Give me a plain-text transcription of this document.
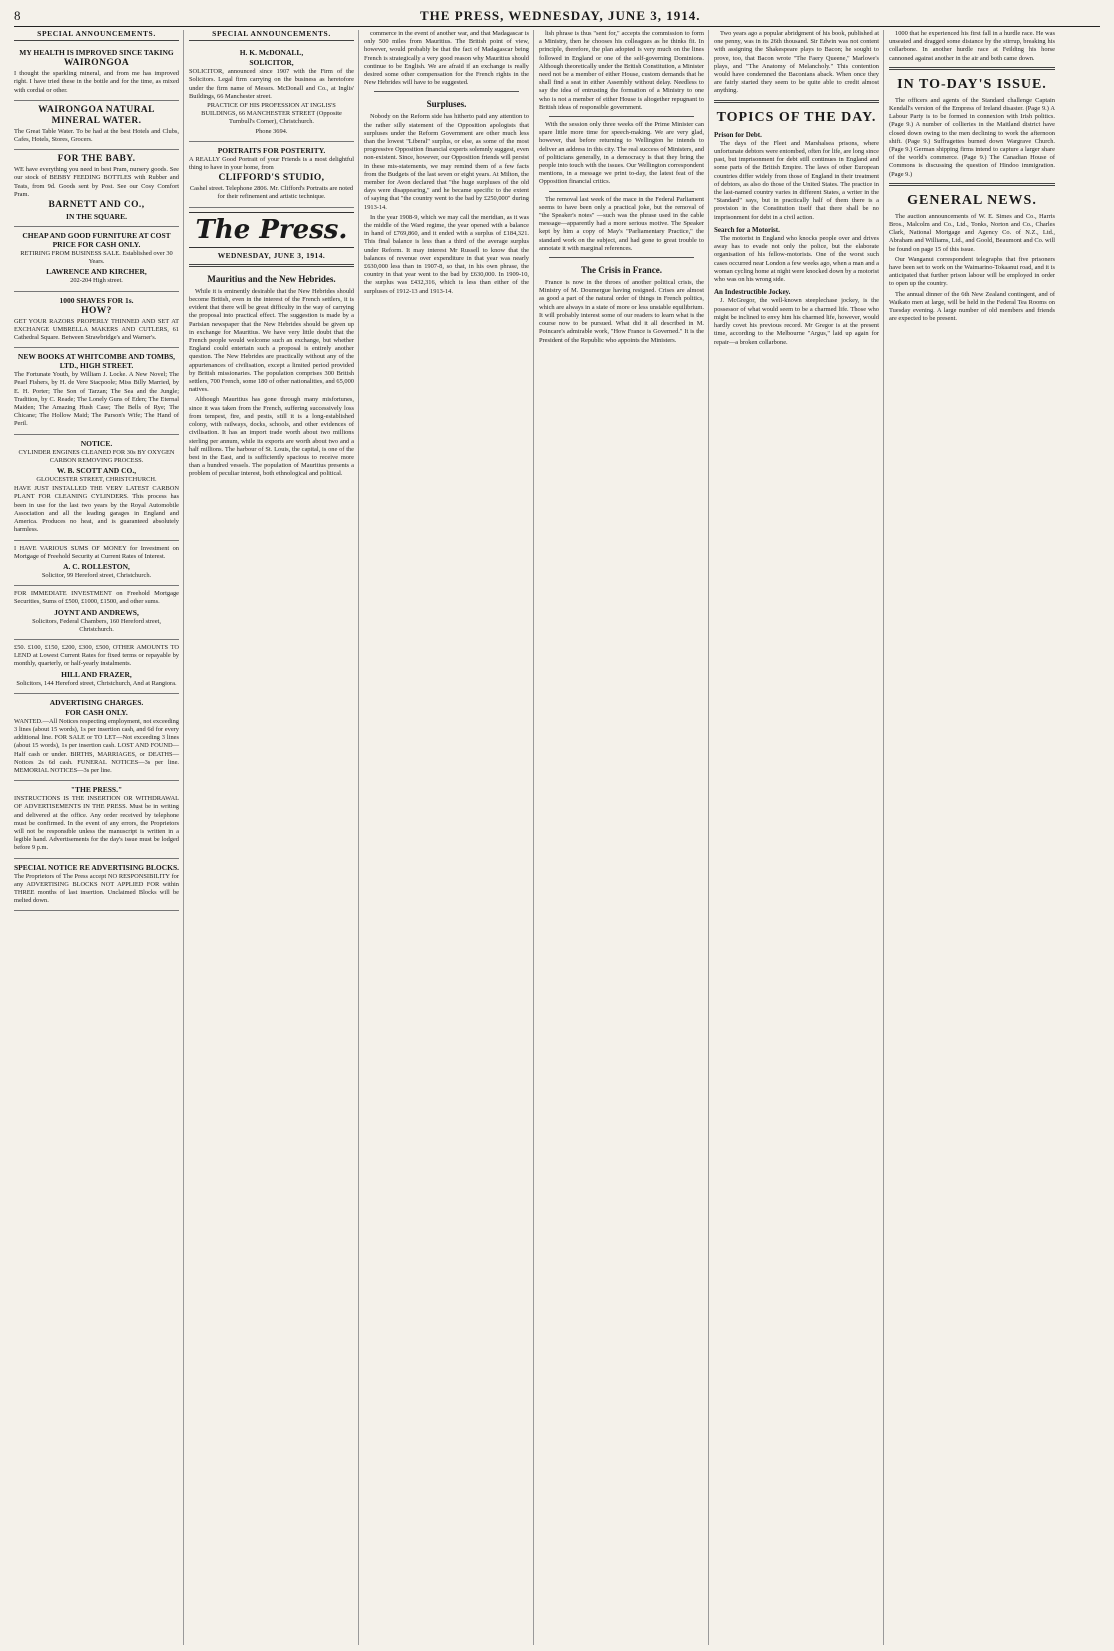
8	THE PRESS, WEDNESDAY, JUNE 3, 1914.
SPECIAL ANNOUNCEMENTS.

MY HEALTH IS IMPROVED SINCE TAKING

WAIRONGOA

I thought the sparkling mineral, and from me has improved right. I have tried these in the bottle and for the time, as mixed with cordial or other.

WAIRONGOA NATURAL MINERAL WATER.

The Great Table Water. To be had at the best Hotels and Clubs, Cafes, Hotels, Stores, Grocers.

FOR THE BABY.

WE have everything you need in best Pram, nursery goods. See our stock of BEBBY FEEDING BOTTLES with Rubber and Teats, from 9d. Goods sent by Post. See our Cosy Comfort Pram.

BARNETT AND CO.,

IN THE SQUARE.

CHEAP AND GOOD FURNITURE AT COST PRICE FOR CASH ONLY.

RETIRING FROM BUSINESS SALE. Established over 30 Years.

LAWRENCE AND KIRCHER,

202-204 High street.

1000 SHAVES FOR 1s.

HOW?

GET YOUR RAZORS PROPERLY THINNED AND SET AT EXCHANGE UMBRELLA MAKERS AND CUTLERS, 61 Cathedral Square. Between Strawbridge's and Warner's.

NEW BOOKS AT WHITCOMBE AND TOMBS, LTD., HIGH STREET.

The Fortunate Youth, by William J. Locke. A New Novel; The Pearl Fishers, by H. de Vere Stacpoole; Miss Billy Married, by E. H. Porter; The Son of Tarzan; The Sea and the Jungle; Tradition, by C. Reade; The Lonely Guns of Eden; The Eternal Maiden; The Amazing Hush Case; The Bells of Rye; The Chicane; The Hollow Maid; The Parson's Wife; The Hand of Peril.

NOTICE.

CYLINDER ENGINES CLEANED FOR 30s BY OXYGEN CARBON REMOVING PROCESS.

W. B. SCOTT AND CO.,

GLOUCESTER STREET, CHRISTCHURCH.

HAVE JUST INSTALLED THE VERY LATEST CARBON PLANT FOR CLEANING CYLINDERS. This process has been in use for the last two years by the Royal Automobile Association and all the leading garages in England and America. Produces no heat, and is guaranteed absolutely harmless.

I HAVE VARIOUS SUMS OF MONEY for Investment on Mortgage of Freehold Security at Current Rates of Interest.

A. C. ROLLESTON,

Solicitor, 99 Hereford street, Christchurch.

FOR IMMEDIATE INVESTMENT on Freehold Mortgage Securities, Sums of £500, £1000, £1500, and other sums.

JOYNT AND ANDREWS,

Solicitors, Federal Chambers, 160 Hereford street, Christchurch.

£50. £100, £150, £200, £300, £500, OTHER AMOUNTS TO LEND at Lowest Current Rates for fixed terms or repayable by monthly, quarterly, or half-yearly instalments.

HILL AND FRAZER,

Solicitors, 144 Hereford street, Christchurch, And at Rangiora.

ADVERTISING CHARGES.

FOR CASH ONLY.

WANTED.—All Notices respecting employment, not exceeding 3 lines (about 15 words), 1s per insertion cash, and 6d for every additional line. FOR SALE or TO LET—Not exceeding 3 lines (about 15 words), 1s per insertion cash. LOST AND FOUND—Half cash or under. BIRTHS, MARRIAGES, or DEATHS—Notices 2s 6d cash. FUNERAL NOTICES—3s per line. MEMORIAL NOTICES—3s per line.

"THE PRESS."

INSTRUCTIONS IS THE INSERTION OR WITHDRAWAL OF ADVERTISEMENTS IN THE PRESS. Must be in writing and delivered at the office. Any order received by telephone must be confirmed. In the event of any errors, the Proprietors will not be responsible unless the manuscript is written in a legible hand. Advertisements for the day's issue must be lodged before 9 p.m.

SPECIAL NOTICE RE ADVERTISING BLOCKS.

The Proprietors of The Press accept NO RESPONSIBILITY for any ADVERTISING BLOCKS NOT APPLIED FOR within THREE months of last insertion. Unclaimed Blocks will be melted down.

SPECIAL ANNOUNCEMENTS.

H. K. McDONALL,

SOLICITOR,

SOLICITOR, announced since 1907 with the Firm of the Solicitors. Legal firm carrying on the business as heretofore under the firm name of Messrs. McDonall and Co., at Inglis' Buildings, 66 Manchester street.

PRACTICE OF HIS PROFESSION AT INGLIS'S BUILDINGS, 66 MANCHESTER STREET (Opposite Turnbull's Corner), Christchurch.

Phone 3694.

PORTRAITS FOR POSTERITY.

A REALLY Good Portrait of your Friends is a most delightful thing to have in your home, from

CLIFFORD'S STUDIO,

Cashel street. Telephone 2806. Mr. Clifford's Portraits are noted for their refinement and artistic technique.

The Press.
WEDNESDAY, JUNE 3, 1914.
Mauritius and the New Hebrides.

While it is eminently desirable that the New Hebrides should become British, even in the interest of the French settlers, it is evident that there will be great difficulty in the way of carrying the proposal into practical effect. The suggestion is made by a Parisian newspaper that the New Hebrides should be given up in exchange for Mauritius. We have very little doubt that the French people would welcome such an exchange, but whether England could entertain such a proposal is entirely another question. The New Hebrides are practically without any of the appurtenances of civilisation, except a limited period provided by British missionaries. The population comprises 300 British settlers, 700 French, some 180 of other nationalities, and 65,000 natives.

Although Mauritius has gone through many misfortunes, since it was taken from the French, suffering successively loss from tempest, fire, and pestis, still it is a long-established colony, with railways, docks, schools, and other evidences of civilisation. It has an import trade worth about two millions sterling per annum, while its exports are worth about two and a half millions. The harbour of St. Louis, the capital, is one of the best in the East, and is sufficiently spacious to receive more than a hundred vessels. The population of Mauritius presents a problem of peculiar interest, both ethnological and political.

commerce in the event of another war, and that Madagascar is only 500 miles from Mauritius. The British point of view, however, would probably be that the fact of Madagascar being French is strategically a very good reason why Mauritius should continue to be English. We are afraid if an exchange is really desired some other compensation for the French rights in the New Hebrides will have to be suggested.

Surpluses.

Nobody on the Reform side has hitherto paid any attention to the rather silly statement of the Opposition apologists that surpluses under the Reform Government are other much less than the lowest "Liberal" surplus, or else, as some of the most progressive Opposition financial experts solemnly suggest, even non-existent. Since, however, our Opposition friends will persist in these mis-statements, we may remind them of a few facts from the Budgets of the last seven or eight years. At Milton, the member for Avon declared that "the huge surpluses of the old days were disappearing," and he became specific to the extent of saying that "the country went to the bad by £250,000" during 1913-14.

In the year 1908-9, which we may call the meridian, as it was the middle of the Ward regime, the year opened with a balance in hand of £769,860, and it ended with a surplus of £184,321. This final balance is less than a third of the average surplus under Reform. It may interest Mr Russell to know that the balances of revenue over expenditure in that year was nearly £630,000 less than in 1907-8, so that, in his own phrase, the country in that year went to the bad by £630,000. In 1909-10, the surplus was £432,316, which is less than either of the surpluses of 1912-13 and 1913-14.

lish phrase is thus "sent for," accepts the commission to form a Ministry, then he chooses his colleagues as he thinks fit. In principle, therefore, the plan adopted is very much on the lines followed in England or one of the self-governing Dominions. Although theoretically under the British Constitution, a Minister need not be a member of either House, custom demands that he shall find a seat in either Assembly without delay. Needless to say the idea of entrusting the formation of a Ministry to one who is not a member of either House is altogether repugnant to British ideas of responsible government.

With the session only three weeks off the Prime Minister can spare little more time for speech-making. We are very glad, however, that before returning to Wellington he intends to deliver an address in this city. The real success of Ministers, and of politicians generally, in a democracy is that they bring the people into touch with the issues. Our Wellington correspondent mentions, in a message we print to-day, the latest feat of the Opposition financial critics.

The removal last week of the mace in the Federal Parliament seems to have been only a practical joke, but the removal of "the Speaker's notes" —such was the phrase used in the cable message—apparently had a more serious motive. The Speaker kept by him a copy of May's "Parliamentary Practice," the standard work on the subject, and had gone to great trouble to annotate it with marginal references.

The Crisis in France.

France is now in the throes of another political crisis, the Ministry of M. Doumergue having resigned. Crises are almost as good a part of the natural order of things in French politics, which are always in a state of more or less unstable equilibrium. It will probably interest some of our readers to learn what is the course now to be pursued. What did it all described in M. Poincare's admirable work, "How France is Governed." It is the President of the Republic who appoints the Ministers.

Two years ago a popular abridgment of his book, published at one penny, was in its 26th thousand. Sir Edwin was not content with assigning the Shakespeare plays to Bacon; he sought to prove, too, that Bacon wrote "The Faery Queene," Marlowe's plays, and "The Anatomy of Melancholy." This contention would have condemned the Baconians aback. When once they are fairly started they seem to be quite able to credit almost anything.

TOPICS OF THE DAY.
Prison for Debt.

The days of the Fleet and Marshalsea prisons, where unfortunate debtors were entombed, often for life, are long since past, but imprisonment for debt still continues in England and some parts of the British Empire. The laws of other European countries differ widely from those of England in their treatment of debtors, as also do those of the United States. The practice in the last-named country varies in different States, a writer in the "Standard" says, but in practically half of them there is a provision in the Constitution itself that there shall be no imprisonment for debt in a civil action.

Search for a Motorist.

The motorist in England who knocks people over and drives away has to evade not only the police, but the elaborate organisation of his fellow-motorists. One of the worst such cases occurred near London a few weeks ago, when a man and a woman cycling home at night were knocked down by a motorist who was on his wrong side.

An Indestructible Jockey.

J. McGregor, the well-known steeplechase jockey, is the possessor of what would seem to be a charmed life. Those who might be inclined to envy him his charmed life, however, would hardly covet his previous record. Mr Gregor is at the present time, according to the Melbourne "Argus," laid up again for repair—a broken collarbone.

1000 that he experienced his first fall in a hurdle race. He was unseated and dragged some distance by the stirrup, breaking his collarbone. In another hurdle race at Feilding his horse cannoned against another in the air and both came down.

IN TO-DAY'S ISSUE.

The officers and agents of the Standard challenge Captain Kendall's version of the Empress of Ireland disaster. (Page 9.) A Labour Party is to be formed in connexion with Irish politics. (Page 9.) A number of collieries in the Maitland district have closed down owing to the men declining to work the afternoon shift. (Page 9.) Suffragettes burned down Wargrave Church. (Page 9.) German shipping firms intend to capture a larger share of the world's commerce. (Page 9.) The Canadian House of Commons is discussing the question of Hindoo immigration. (Page 9.)

GENERAL NEWS.

The auction announcements of W. E. Simes and Co., Harris Bros., Malcolm and Co., Ltd., Tonks, Norton and Co., Charles Clark, National Mortgage and Agency Co. of N.Z., Ltd., Abraham and Williams, Ltd., and Goold, Beaumont and Co. will be found on page 15 of this issue.

Our Wanganui correspondent telegraphs that five prisoners have been set to work on the Waimarino-Tokaanui road, and it is anticipated that further prison labour will be employed in order to open up the country.

The annual dinner of the 6th New Zealand contingent, and of Waikato men at large, will be held in the Federal Tea Rooms on Tuesday evening. A large number of old members and friends are expected to be present.
